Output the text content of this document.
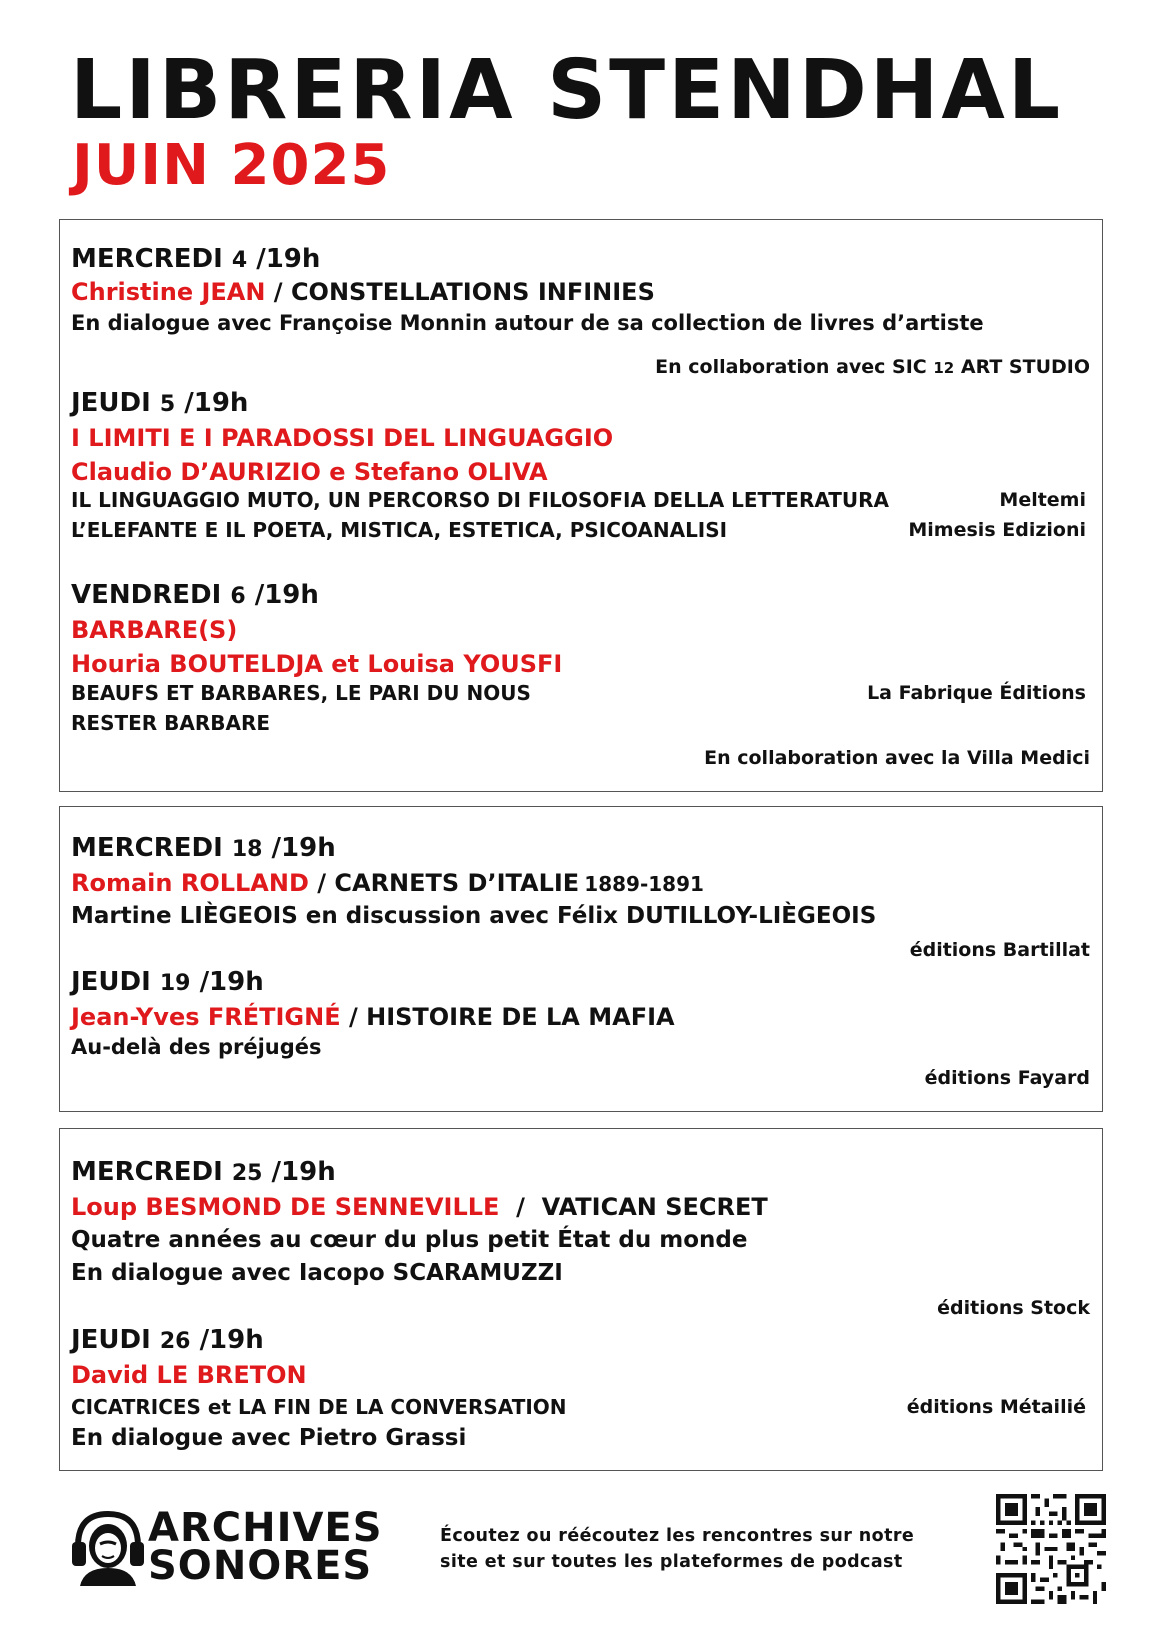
LIBRERIA STENDHAL
JUIN 2025
MERCREDI 4 /19h
Christine JEAN / CONSTELLATIONS INFINIES
En dialogue avec Françoise Monnin autour de sa collection de livres d’artiste
En collaboration avec SIC 12 ART STUDIO
JEUDI 5 /19h
I LIMITI E I PARADOSSI DEL LINGUAGGIO
Claudio D’AURIZIO e Stefano OLIVA
IL LINGUAGGIO MUTO, UN PERCORSO DI FILOSOFIA DELLA LETTERATURA	Meltemi
L’ELEFANTE E IL POETA, MISTICA, ESTETICA, PSICOANALISI	Mimesis Edizioni
VENDREDI 6 /19h
BARBARE(S)
Houria BOUTELDJA et Louisa YOUSFI
BEAUFS ET BARBARES, LE PARI DU NOUS	La Fabrique Éditions
RESTER BARBARE
En collaboration avec la Villa Medici
MERCREDI 18 /19h
Romain ROLLAND / CARNETS D’ITALIE 1889-1891
Martine LIÈGEOIS en discussion avec Félix DUTILLOY-LIÈGEOIS
éditions Bartillat
JEUDI 19 /19h
Jean-Yves FRÉTIGNÉ / HISTOIRE DE LA MAFIA
Au-delà des préjugés
éditions Fayard
MERCREDI 25 /19h
Loup BESMOND DE SENNEVILLE  /  VATICAN SECRET
Quatre années au cœur du plus petit État du monde
En dialogue avec Iacopo SCARAMUZZI
éditions Stock
JEUDI 26 /19h
David LE BRETON
CICATRICES et LA FIN DE LA CONVERSATION	éditions Métailié
En dialogue avec Pietro Grassi
ARCHIVES
SONORES
Écoutez ou réécoutez les rencontres sur notre
site et sur toutes les plateformes de podcast
